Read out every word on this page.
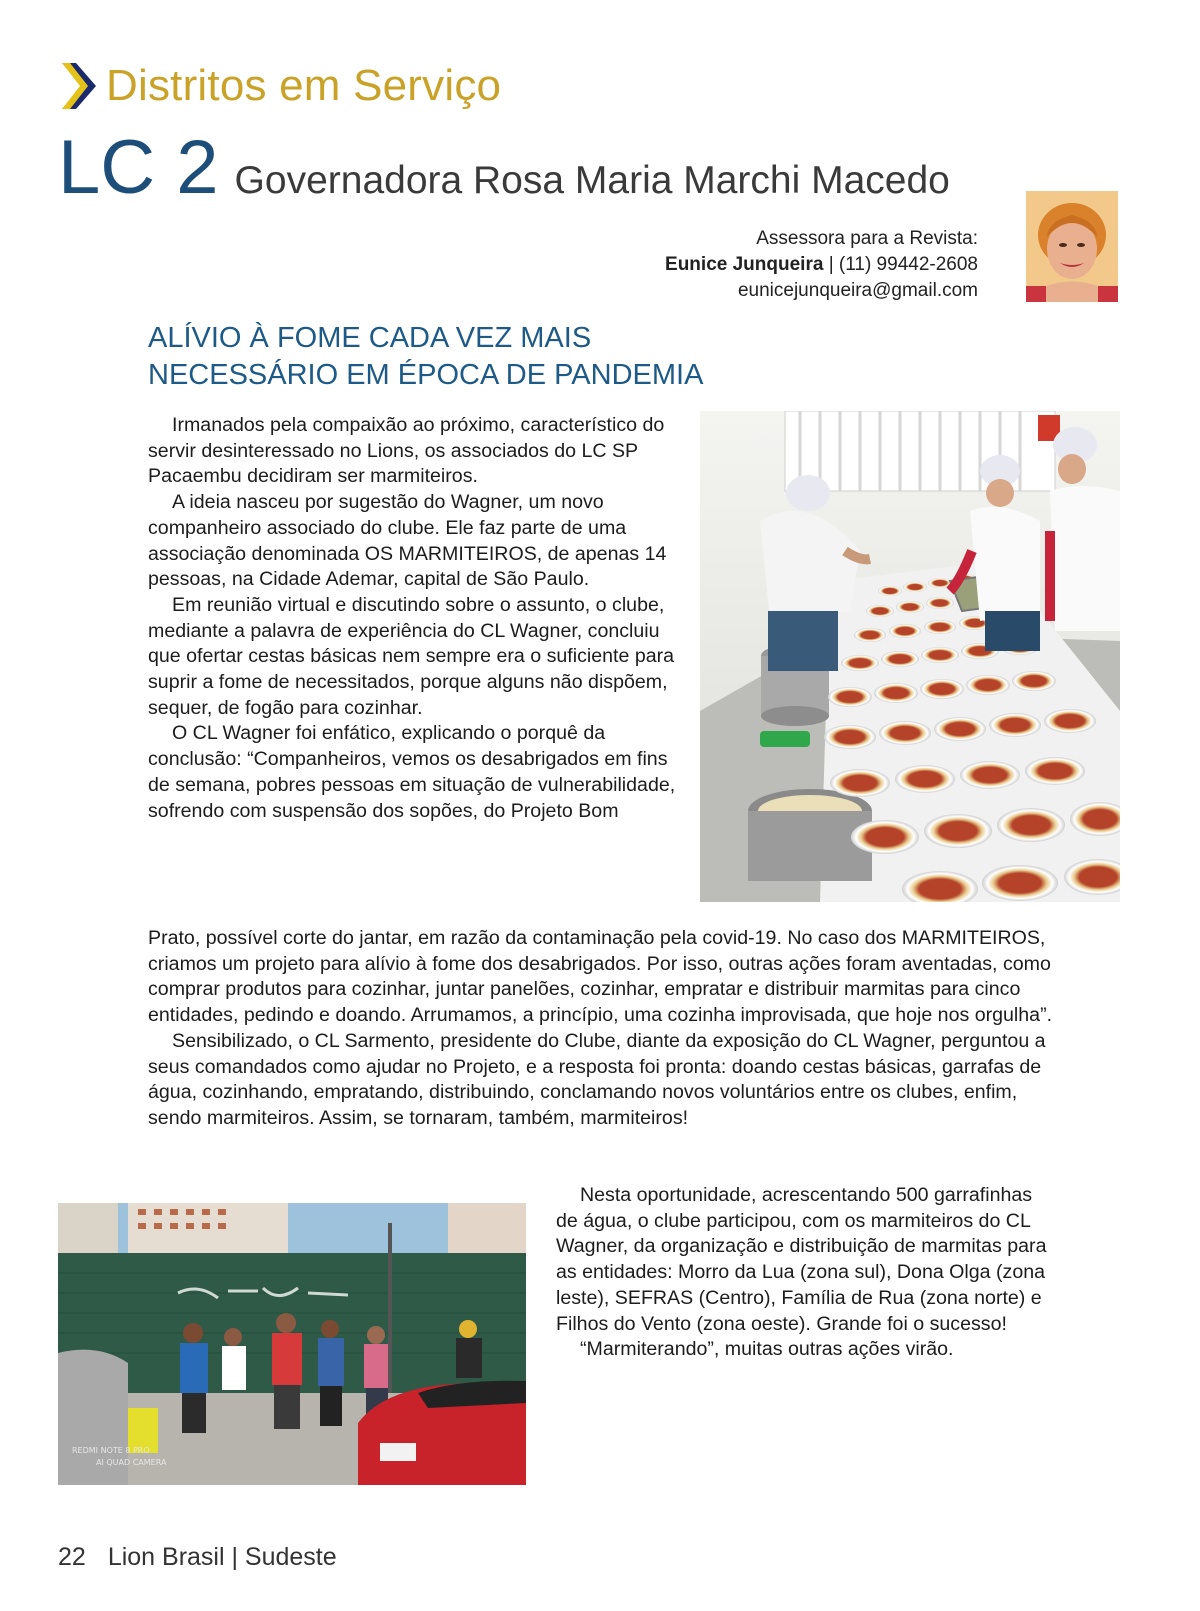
Distritos em Serviço
LC 2 Governadora Rosa Maria Marchi Macedo
Assessora para a Revista:
Eunice Junqueira | (11) 99442-2608
eunicejunqueira@gmail.com
ALÍVIO À FOME CADA VEZ MAIS
NECESSÁRIO EM ÉPOCA DE PANDEMIA

Irmanados pela compaixão ao próximo, característico do servir desinteressado no Lions, os associados do LC SP Pacaembu decidiram ser marmiteiros.

A ideia nasceu por sugestão do Wagner, um novo companheiro associado do clube. Ele faz parte de uma associação denominada OS MARMITEIROS, de apenas 14 pessoas, na Cidade Ademar, capital de São Paulo.

Em reunião virtual e discutindo sobre o assunto, o clube, mediante a palavra de experiência do CL Wagner, concluiu que ofertar cestas básicas nem sempre era o suficiente para suprir a fome de necessitados, porque alguns não dispõem, sequer, de fogão para cozinhar.

O CL Wagner foi enfático, explicando o porquê da conclusão: “Companheiros, vemos os desabrigados em fins de semana, pobres pessoas em situação de vulnerabilidade, sofrendo com suspensão dos sopões, do Projeto Bom

Prato, possível corte do jantar, em razão da contaminação pela covid-19. No caso dos MARMITEIROS, criamos um projeto para alívio à fome dos desabrigados. Por isso, outras ações foram aventadas, como comprar produtos para cozinhar, juntar panelões, cozinhar, empratar e distribuir marmitas para cinco entidades, pedindo e doando. Arrumamos, a princípio, uma cozinha improvisada, que hoje nos orgulha”.

Sensibilizado, o CL Sarmento, presidente do Clube, diante da exposição do CL Wagner, perguntou a seus comandados como ajudar no Projeto, e a resposta foi pronta: doando cestas básicas, garrafas de água, cozinhando, empratando, distribuindo, conclamando novos voluntários entre os clubes, enfim, sendo marmiteiros. Assim, se tornaram, também, marmiteiros!

REDMI NOTE 8 PRO
AI QUAD CAMERA

Nesta oportunidade, acrescentando 500 garrafinhas de água, o clube participou, com os marmiteiros do CL Wagner, da organização e distribuição de marmitas para as entidades: Morro da Lua (zona sul), Dona Olga (zona leste), SEFRAS (Centro), Família de Rua (zona norte) e Filhos do Vento (zona oeste). Grande foi o sucesso!

“Marmiterando”, muitas outras ações virão.

22 Lion Brasil | Sudeste
